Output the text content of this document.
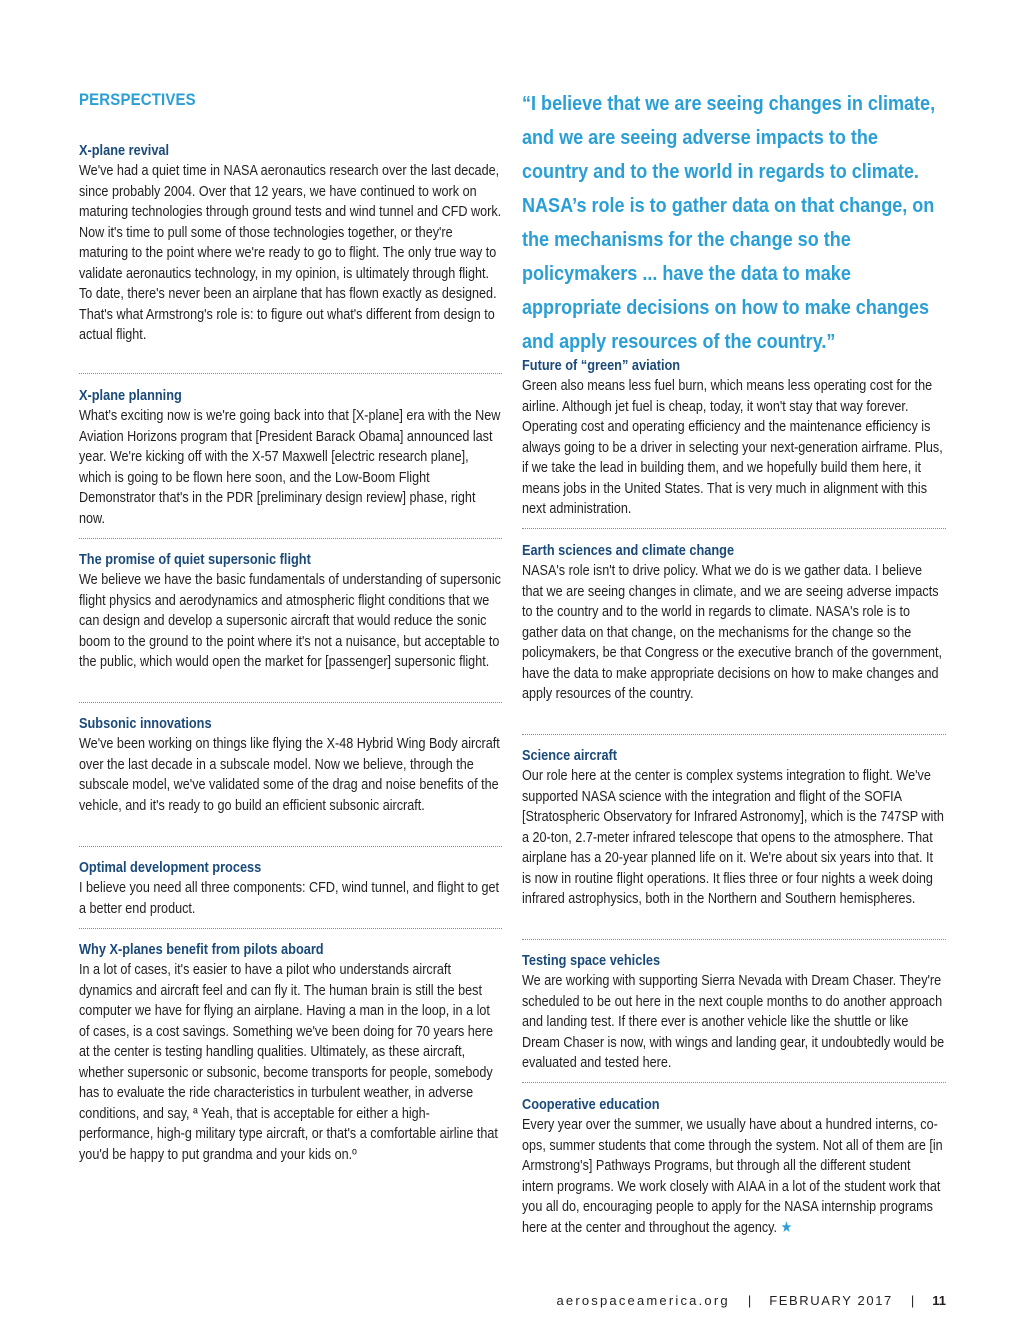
PERSPECTIVES
X-plane revival

We've had a quiet time in NASA aeronautics research over the last decade, since probably 2004. Over that 12 years, we have continued to work on maturing technologies through ground tests and wind tunnel and CFD work. Now it's time to pull some of those technologies together, or they're maturing to the point where we're ready to go to flight. The only true way to validate aeronautics technology, in my opinion, is ultimately through flight. To date, there's never been an airplane that has flown exactly as designed. That's what Armstrong's role is: to figure out what's different from design to actual flight.

X-plane planning

What's exciting now is we're going back into that [X-plane] era with the New Aviation Horizons program that [President Barack Obama] announced last year. We're kicking off with the X-57 Maxwell [electric research plane], which is going to be flown here soon, and the Low-Boom Flight Demonstrator that's in the PDR [preliminary design review] phase, right now.

The promise of quiet supersonic flight

We believe we have the basic fundamentals of understanding of supersonic flight physics and aerodynamics and atmospheric flight conditions that we can design and develop a supersonic aircraft that would reduce the sonic boom to the ground to the point where it's not a nuisance, but acceptable to the public, which would open the market for [passenger] supersonic flight.

Subsonic innovations

We've been working on things like flying the X-48 Hybrid Wing Body aircraft over the last decade in a subscale model. Now we believe, through the subscale model, we've validated some of the drag and noise benefits of the vehicle, and it's ready to go build an efficient subsonic aircraft.

Optimal development process

I believe you need all three components: CFD, wind tunnel, and flight to get a better end product.

Why X-planes benefit from pilots aboard

In a lot of cases, it's easier to have a pilot who understands aircraft dynamics and aircraft feel and can fly it. The human brain is still the best computer we have for flying an airplane. Having a man in the loop, in a lot of cases, is a cost savings. Something we've been doing for 70 years here at the center is testing handling qualities. Ultimately, as these aircraft, whether supersonic or subsonic, become transports for people, somebody has to evaluate the ride characteristics in turbulent weather, in adverse conditions, and say, ª Yeah, that is acceptable for either a high-performance, high-g military type aircraft, or that's a comfortable airline that you'd be happy to put grandma and your kids on.º

“I believe that we are seeing changes in climate, and we are seeing adverse impacts to the country and to the world in regards to climate. NASA’s role is to gather data on that change, on the mechanisms for the change so the policymakers ... have the data to make appropriate decisions on how to make changes and apply resources of the country.”
Future of “green” aviation

Green also means less fuel burn, which means less operating cost for the airline. Although jet fuel is cheap, today, it won't stay that way forever. Operating cost and operating efficiency and the maintenance efficiency is always going to be a driver in selecting your next-generation airframe. Plus, if we take the lead in building them, and we hopefully build them here, it means jobs in the United States. That is very much in alignment with this next administration.

Earth sciences and climate change

NASA's role isn't to drive policy. What we do is we gather data. I believe that we are seeing changes in climate, and we are seeing adverse impacts to the country and to the world in regards to climate. NASA's role is to gather data on that change, on the mechanisms for the change so the policymakers, be that Congress or the executive branch of the government, have the data to make appropriate decisions on how to make changes and apply resources of the country.

Science aircraft

Our role here at the center is complex systems integration to flight. We've supported NASA science with the integration and flight of the SOFIA [Stratospheric Observatory for Infrared Astronomy], which is the 747SP with a 20-ton, 2.7-meter infrared telescope that opens to the atmosphere. That airplane has a 20-year planned life on it. We're about six years into that. It is now in routine flight operations. It flies three or four nights a week doing infrared astrophysics, both in the Northern and Southern hemispheres.

Testing space vehicles

We are working with supporting Sierra Nevada with Dream Chaser. They're scheduled to be out here in the next couple months to do another approach and landing test. If there ever is another vehicle like the shuttle or like Dream Chaser is now, with wings and landing gear, it undoubtedly would be evaluated and tested here.

Cooperative education

Every year over the summer, we usually have about a hundred interns, co-ops, summer students that come through the system. Not all of them are [in Armstrong's] Pathways Programs, but through all the different student intern programs. We work closely with AIAA in a lot of the student work that you all do, encouraging people to apply for the NASA internship programs here at the center and throughout the agency. ★

aerospaceamerica.org | FEBRUARY 2017 | 11
